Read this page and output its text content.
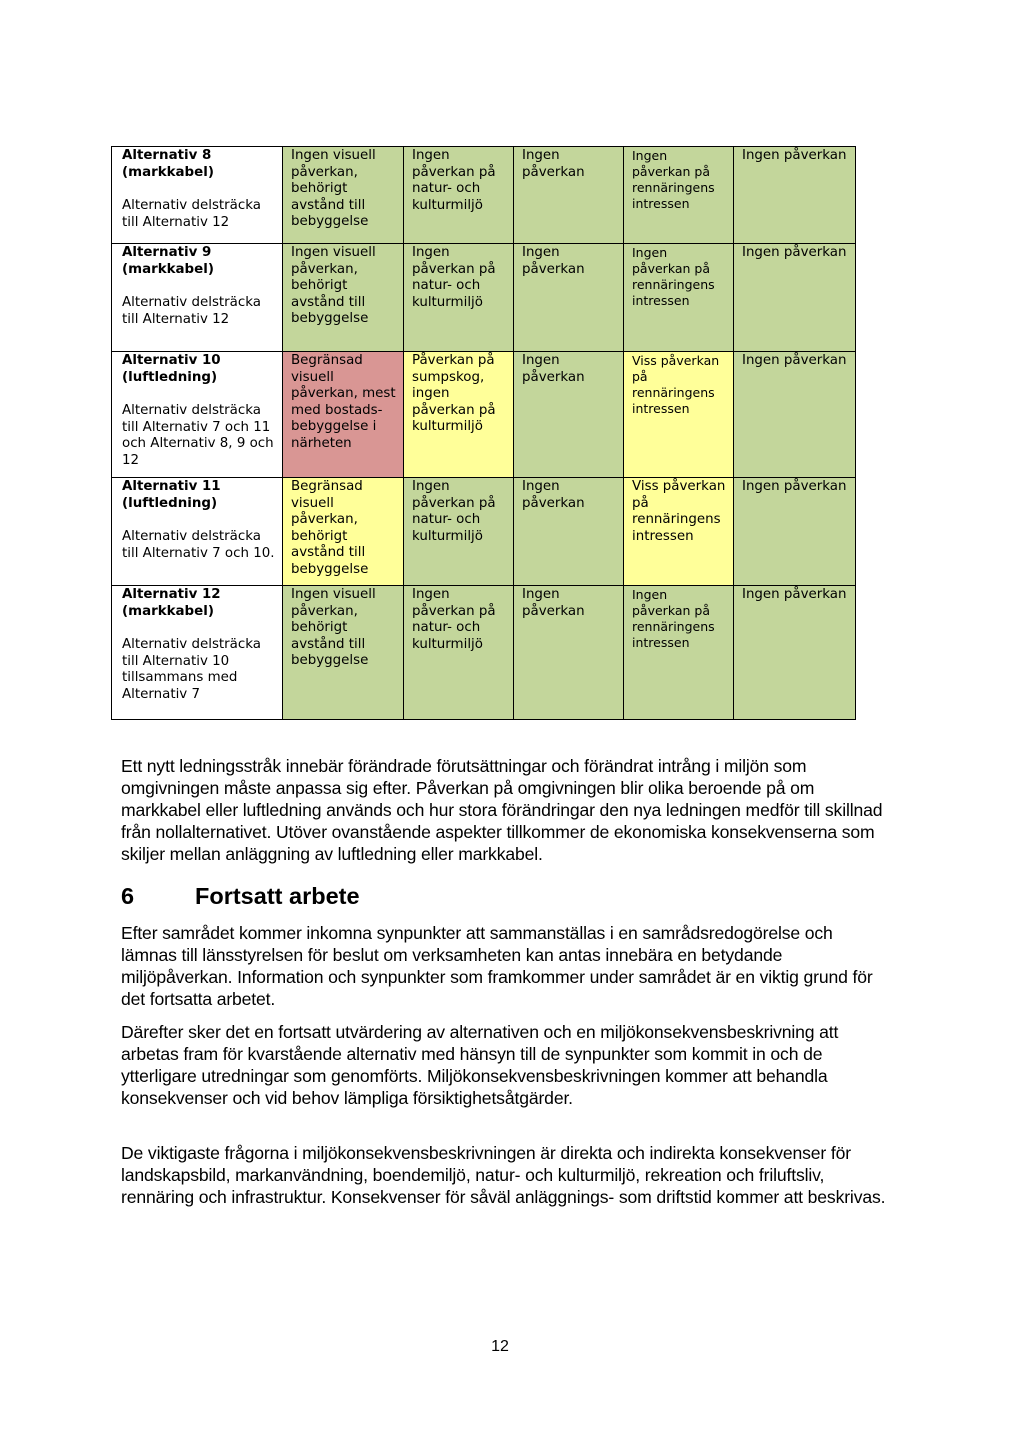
Alternativ 8
(markkabel)
Alternativ delsträcka till Alternativ 12	Ingen visuell påverkan, behörigt avstånd till bebyggelse	Ingen påverkan på natur- och kulturmiljö	Ingen påverkan	Ingen påverkan på rennäringens intressen	Ingen påverkan

Alternativ 9
(markkabel)
Alternativ delsträcka till Alternativ 12	Ingen visuell påverkan, behörigt avstånd till bebyggelse	Ingen påverkan på natur- och kulturmiljö	Ingen påverkan	Ingen påverkan på rennäringens intressen	Ingen påverkan

Alternativ 10
(luftledning)
Alternativ delsträcka till Alternativ 7 och 11 och Alternativ 8, 9 och 12	Begränsad visuell påverkan, mest med bostads-bebyggelse i närheten	Påverkan på sumpskog, ingen påverkan på kulturmiljö	Ingen påverkan	Viss påverkan på rennäringens intressen	Ingen påverkan

Alternativ 11
(luftledning)
Alternativ delsträcka till Alternativ 7 och 10.	Begränsad visuell påverkan, behörigt avstånd till bebyggelse	Ingen påverkan på natur- och kulturmiljö	Ingen påverkan	Viss påverkan på rennäringens intressen	Ingen påverkan

Alternativ 12
(markkabel)
Alternativ delsträcka till Alternativ 10 tillsammans med Alternativ 7	Ingen visuell påverkan, behörigt avstånd till bebyggelse	Ingen påverkan på natur- och kulturmiljö	Ingen påverkan	Ingen påverkan på rennäringens intressen	Ingen påverkan

Ett nytt ledningsstråk innebär förändrade förutsättningar och förändrat intrång i miljön som omgivningen måste anpassa sig efter. Påverkan på omgivningen blir olika beroende på om markkabel eller luftledning används och hur stora förändringar den nya ledningen medför till skillnad från nollalternativet. Utöver ovanstående aspekter tillkommer de ekonomiska konsekvenserna som skiljer mellan anläggning av luftledning eller markkabel.

6	Fortsatt arbete

Efter samrådet kommer inkomna synpunkter att sammanställas i en samrådsredogörelse och lämnas till länsstyrelsen för beslut om verksamheten kan antas innebära en betydande miljöpåverkan. Information och synpunkter som framkommer under samrådet är en viktig grund för det fortsatta arbetet.

Därefter sker det en fortsatt utvärdering av alternativen och en miljökonsekvensbeskrivning att arbetas fram för kvarstående alternativ med hänsyn till de synpunkter som kommit in och de ytterligare utredningar som genomförts. Miljökonsekvensbeskrivningen kommer att behandla konsekvenser och vid behov lämpliga försiktighetsåtgärder.

De viktigaste frågorna i miljökonsekvensbeskrivningen är direkta och indirekta konsekvenser för landskapsbild, markanvändning, boendemiljö, natur- och kulturmiljö, rekreation och friluftsliv, rennäring och infrastruktur. Konsekvenser för såväl anläggnings- som driftstid kommer att beskrivas.

12
